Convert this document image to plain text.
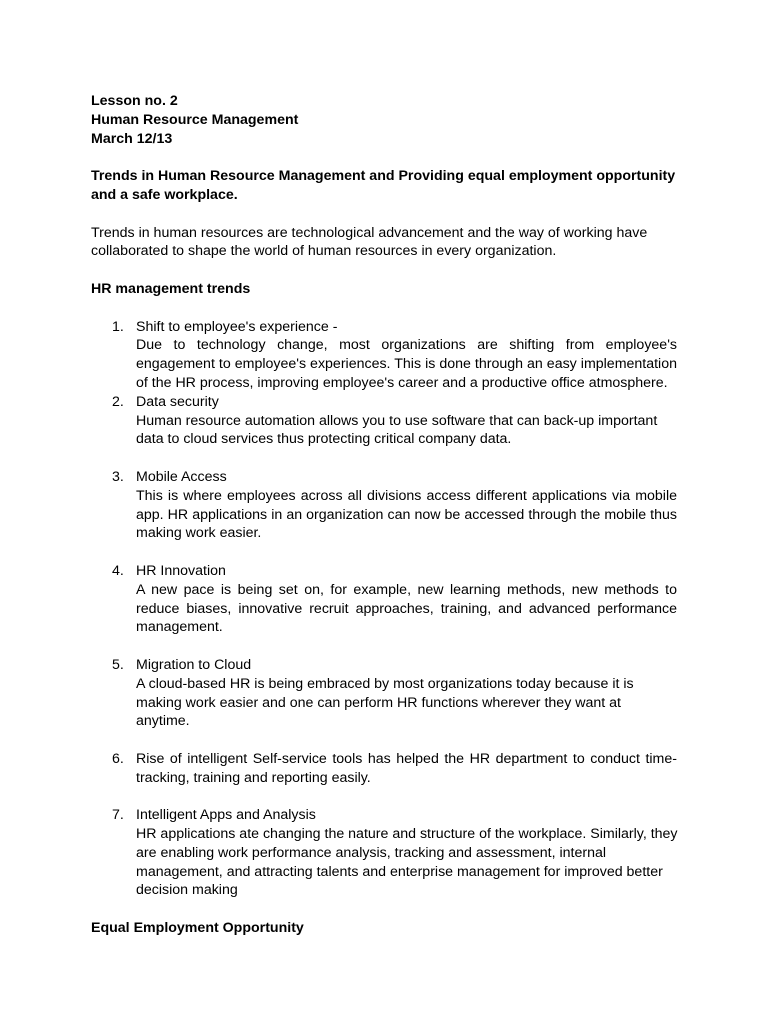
Lesson no. 2
Human Resource Management
March 12/13
Trends in Human Resource Management and Providing equal employment opportunity
and a safe workplace.
Trends in human resources are technological advancement and the way of working have
collaborated to shape the world of human resources in every organization.
HR management trends
1. Shift to employee's experience -
Due to technology change, most organizations are shifting from employee's engagement to employee's experiences. This is done through an easy implementation of the HR process, improving employee's career and a productive office atmosphere.
2. Data security
Human resource automation allows you to use software that can back-up important data to cloud services thus protecting critical company data.
3. Mobile Access
This is where employees across all divisions access different applications via mobile app. HR applications in an organization can now be accessed through the mobile thus making work easier.
4. HR Innovation
A new pace is being set on, for example, new learning methods, new methods to reduce biases, innovative recruit approaches, training, and advanced performance management.
5. Migration to Cloud
A cloud-based HR is being embraced by most organizations today because it is making work easier and one can perform HR functions wherever they want at anytime.
6. Rise of intelligent Self-service tools has helped the HR department to conduct time-tracking, training and reporting easily.
7. Intelligent Apps and Analysis
HR applications ate changing the nature and structure of the workplace. Similarly, they
are enabling work performance analysis, tracking and assessment, internal
management, and attracting talents and enterprise management for improved better
decision making
Equal Employment Opportunity
